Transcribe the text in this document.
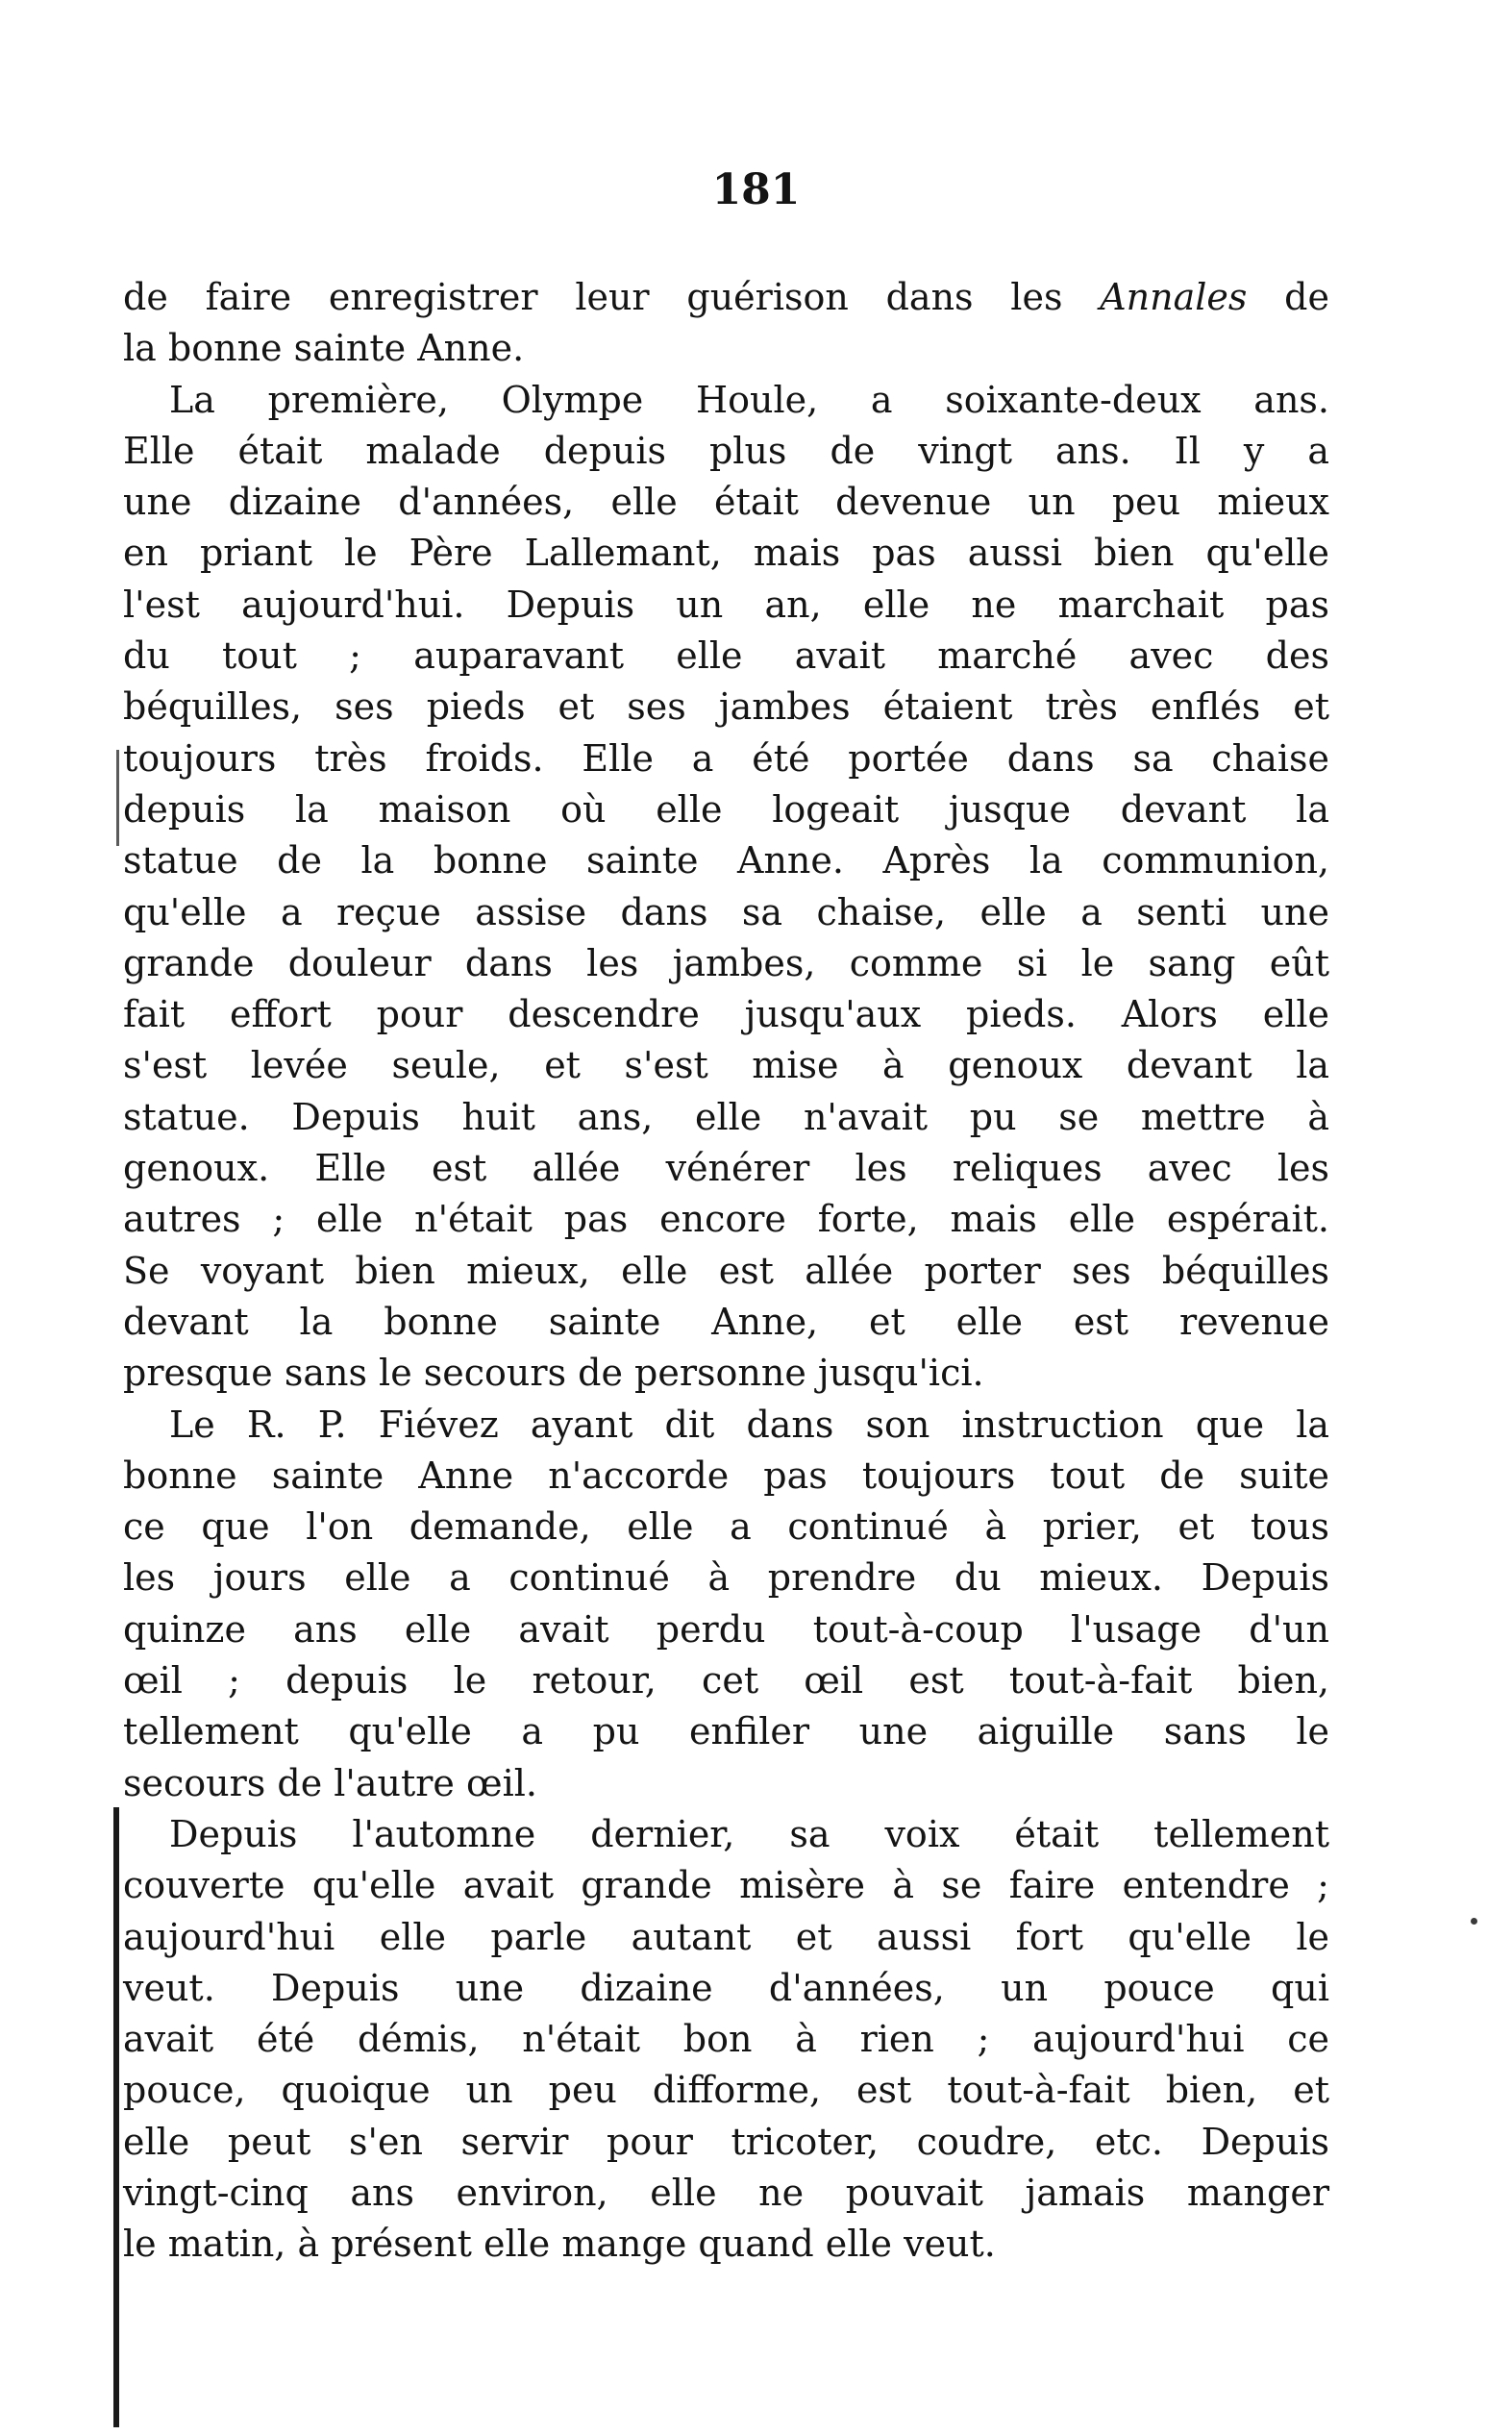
181
de faire enregistrer leur guérison dans les Annales de
la bonne sainte Anne.
La première, Olympe Houle, a soixante-deux ans.
Elle était malade depuis plus de vingt ans. Il y a
une dizaine d'années, elle était devenue un peu mieux
en priant le Père Lallemant, mais pas aussi bien qu'elle
l'est aujourd'hui. Depuis un an, elle ne marchait pas
du tout ; auparavant elle avait marché avec des
béquilles, ses pieds et ses jambes étaient très enflés et
toujours très froids. Elle a été portée dans sa chaise
depuis la maison où elle logeait jusque devant la
statue de la bonne sainte Anne. Après la communion,
qu'elle a reçue assise dans sa chaise, elle a senti une
grande douleur dans les jambes, comme si le sang eût
fait effort pour descendre jusqu'aux pieds. Alors elle
s'est levée seule, et s'est mise à genoux devant la
statue. Depuis huit ans, elle n'avait pu se mettre à
genoux. Elle est allée vénérer les reliques avec les
autres ; elle n'était pas encore forte, mais elle espérait.
Se voyant bien mieux, elle est allée porter ses béquilles
devant la bonne sainte Anne, et elle est revenue
presque sans le secours de personne jusqu'ici.
Le R. P. Fiévez ayant dit dans son instruction que la
bonne sainte Anne n'accorde pas toujours tout de suite
ce que l'on demande, elle a continué à prier, et tous
les jours elle a continué à prendre du mieux. Depuis
quinze ans elle avait perdu tout-à-coup l'usage d'un
œil ; depuis le retour, cet œil est tout-à-fait bien,
tellement qu'elle a pu enfiler une aiguille sans le
secours de l'autre œil.
Depuis l'automne dernier, sa voix était tellement
couverte qu'elle avait grande misère à se faire entendre ;
aujourd'hui elle parle autant et aussi fort qu'elle le
veut. Depuis une dizaine d'années, un pouce qui
avait été démis, n'était bon à rien ; aujourd'hui ce
pouce, quoique un peu difforme, est tout-à-fait bien, et
elle peut s'en servir pour tricoter, coudre, etc. Depuis
vingt-cinq ans environ, elle ne pouvait jamais manger
le matin, à présent elle mange quand elle veut.
